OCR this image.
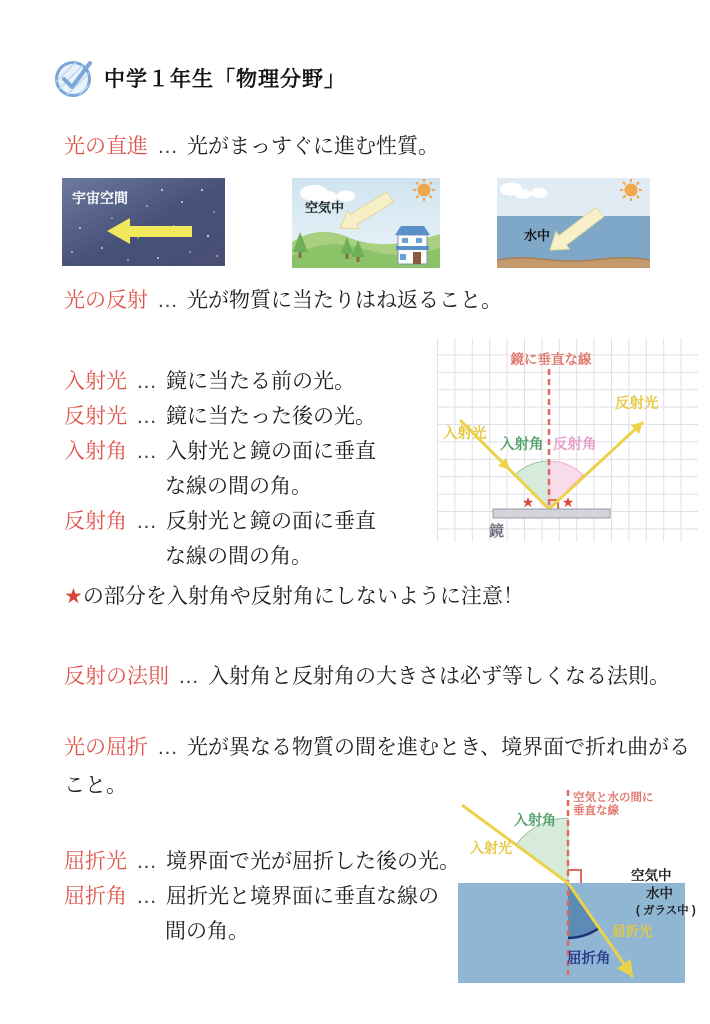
中学１年生「物理分野」
光の直進 … 光がまっすぐに進む性質。
宇宙空間
空気中
水中
光の反射 … 光が物質に当たりはね返ること。
鏡に垂直な線
入射光
反射光
入射角 反射角
★ ★
鏡
入射光 … 鏡に当たる前の光。
反射光 … 鏡に当たった後の光。
入射角 … 入射光と鏡の面に垂直
な線の間の角。
反射角 … 反射光と鏡の面に垂直
な線の間の角。
★の部分を入射角や反射角にしないように注意！
反射の法則 … 入射角と反射角の大きさは必ず等しくなる法則。
光の屈折 … 光が異なる物質の間を進むとき、境界面で折れ曲がる
こと。
空気と水の間に
垂直な線
入射角
入射光
空気中
水中
( ガラス中 )
屈折光
屈折角
屈折光 … 境界面で光が屈折した後の光。
屈折角 … 屈折光と境界面に垂直な線の
間の角。
